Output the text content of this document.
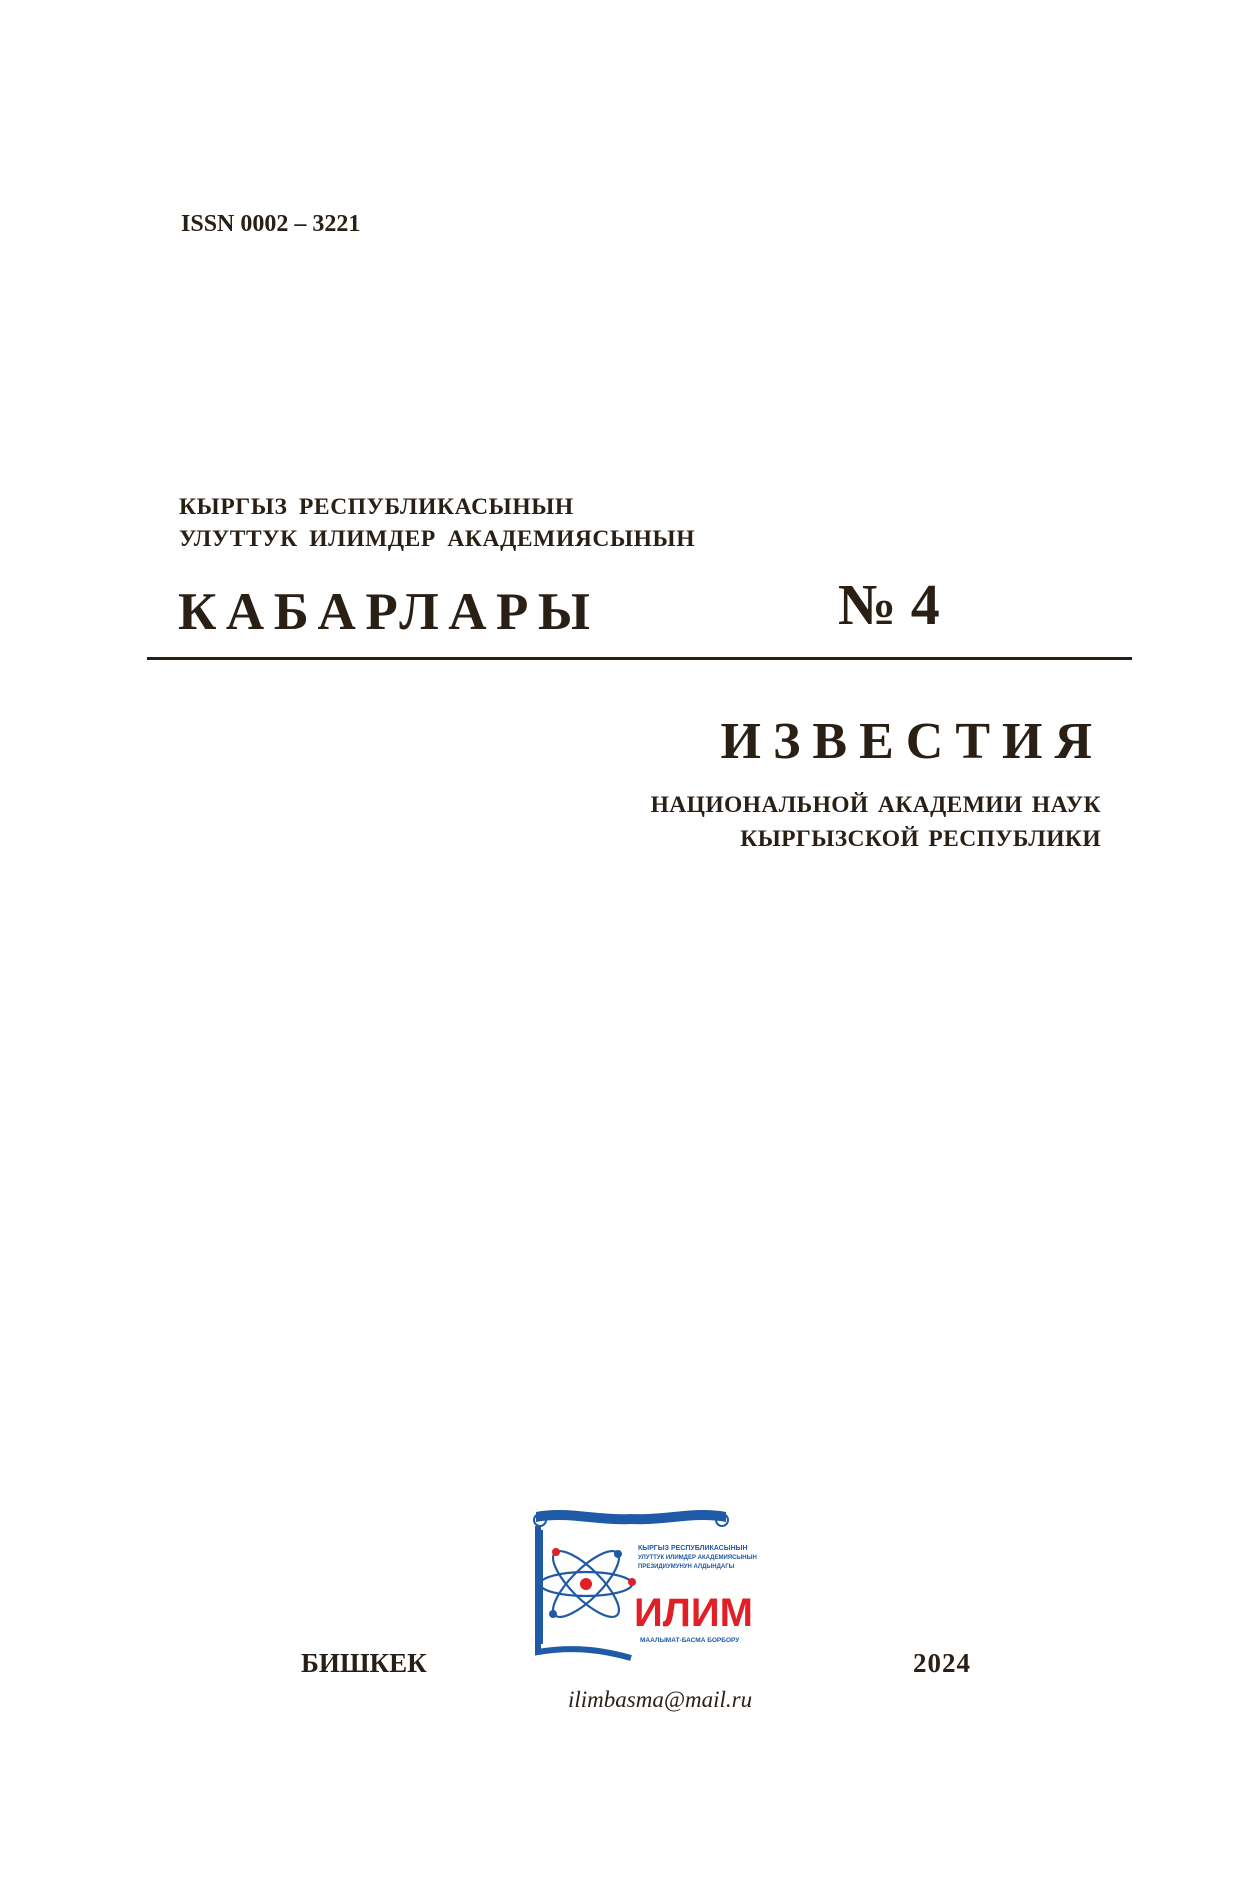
ISSN 0002 – 3221
КЫРГЫЗ РЕСПУБЛИКАСЫНЫН
УЛУТТУК ИЛИМДЕР АКАДЕМИЯСЫНЫН
КАБАРЛАРЫ	№ 4
ИЗВЕСТИЯ
НАЦИОНАЛЬНОЙ АКАДЕМИИ НАУК
КЫРГЫЗСКОЙ РЕСПУБЛИКИ
КЫРГЫЗ РЕСПУБЛИКАСЫНЫН
УЛУТТУК ИЛИМДЕР АКАДЕМИЯСЫНЫН
ПРЕЗИДИУМУНУН АЛДЫНДАГЫ
ИЛИМ
МААЛЫМАТ-БАСМА БОРБОРУ
БИШКЕК	2024
ilimbasma@mail.ru
